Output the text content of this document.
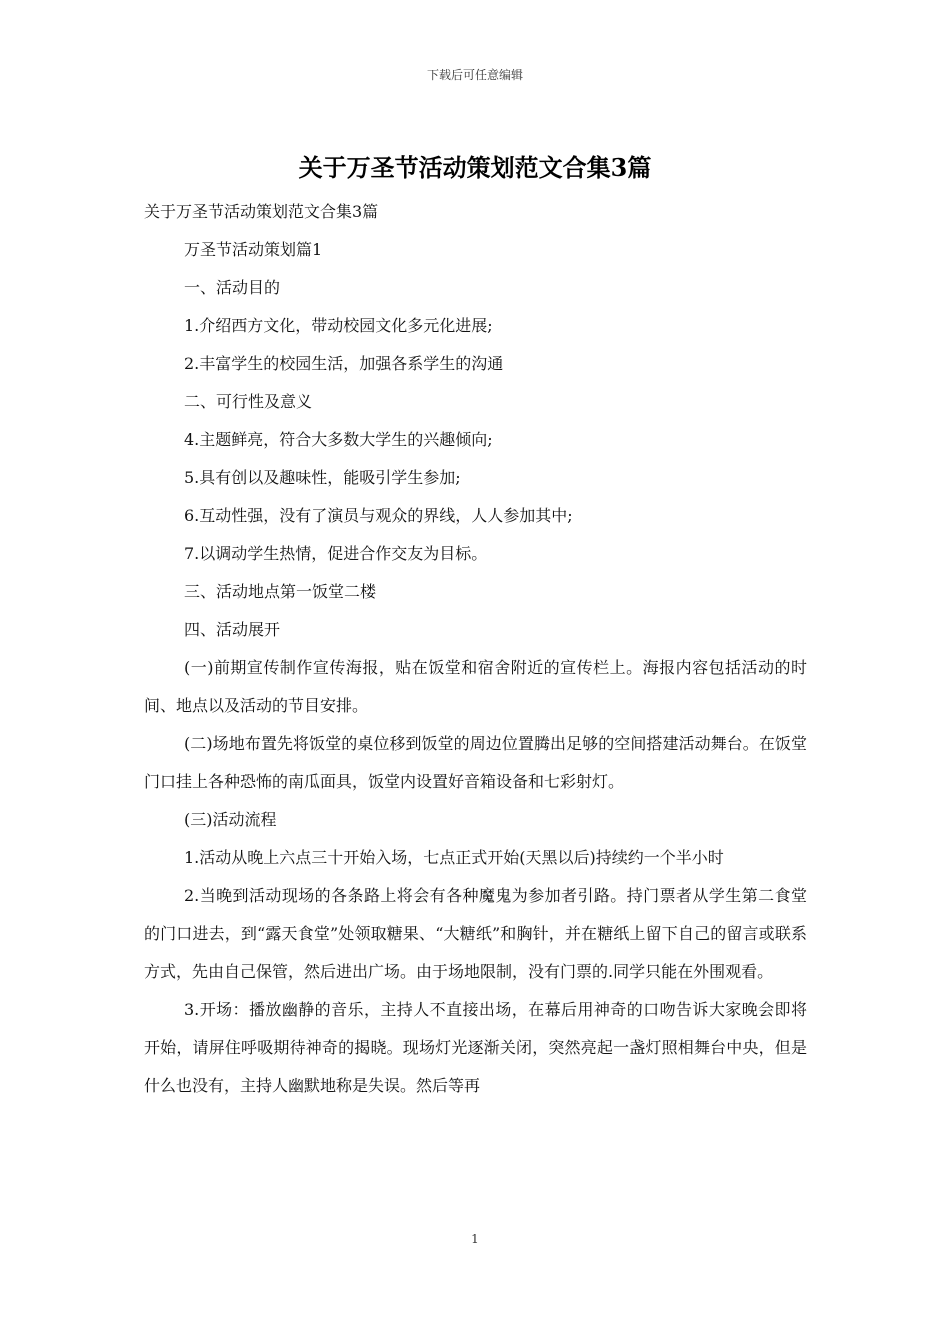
下载后可任意编辑
关于万圣节活动策划范文合集3篇

关于万圣节活动策划范文合集3篇

万圣节活动策划篇1

一、活动目的

1.介绍西方文化，带动校园文化多元化进展;

2.丰富学生的校园生活，加强各系学生的沟通

二、可行性及意义

4.主题鲜亮，符合大多数大学生的兴趣倾向;

5.具有创以及趣味性，能吸引学生参加;

6.互动性强，没有了演员与观众的界线，人人参加其中;

7.以调动学生热情，促进合作交友为目标。

三、活动地点第一饭堂二楼

四、活动展开

(一)前期宣传制作宣传海报，贴在饭堂和宿舍附近的宣传栏上。海报内容包括活动的时间、地点以及活动的节目安排。

(二)场地布置先将饭堂的桌位移到饭堂的周边位置腾出足够的空间搭建活动舞台。在饭堂门口挂上各种恐怖的南瓜面具，饭堂内设置好音箱设备和七彩射灯。

(三)活动流程

1.活动从晚上六点三十开始入场，七点正式开始(天黑以后)持续约一个半小时

2.当晚到活动现场的各条路上将会有各种魔鬼为参加者引路。持门票者从学生第二食堂的门口进去，到“露天食堂”处领取糖果、“大糖纸”和胸针，并在糖纸上留下自己的留言或联系方式，先由自己保管，然后进出广场。由于场地限制，没有门票的.同学只能在外围观看。

3.开场：播放幽静的音乐，主持人不直接出场，在幕后用神奇的口吻告诉大家晚会即将开始，请屏住呼吸期待神奇的揭晓。现场灯光逐渐关闭，突然亮起一盏灯照相舞台中央，但是什么也没有，主持人幽默地称是失误。然后等再

1
